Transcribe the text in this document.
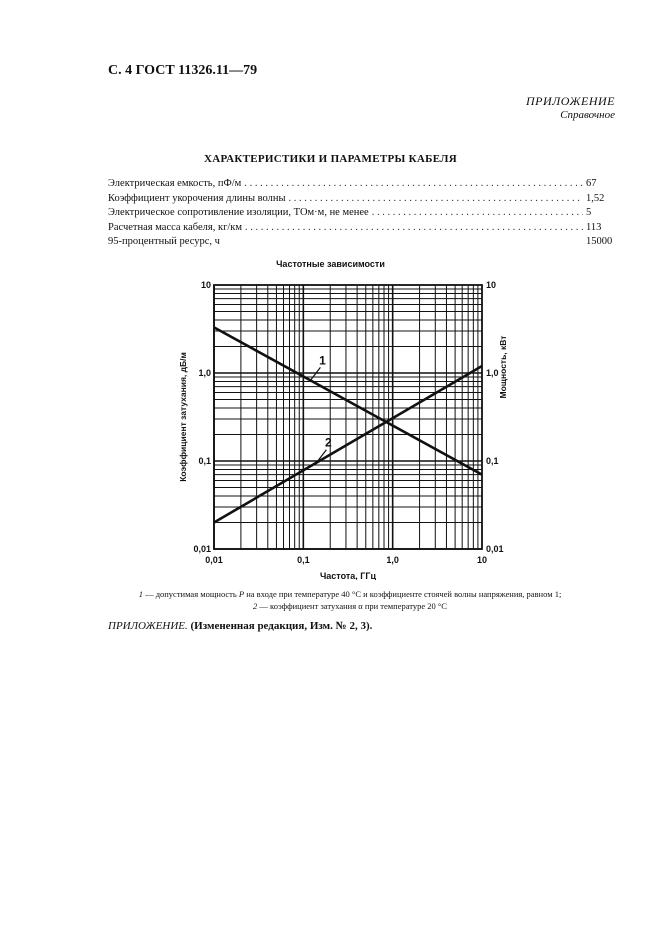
С. 4 ГОСТ 11326.11—79
ПРИЛОЖЕНИЕ
Справочное
ХАРАКТЕРИСТИКИ И ПАРАМЕТРЫ КАБЕЛЯ
Электрическая емкость, пФ/м . . .	67
Коэффициент укорочения длины волны . . .	1,52
Электрическое сопротивление изоляции, ТОм·м, не менее . . .	5
Расчетная масса кабеля, кг/км . . .	113
95-процентный ресурс, ч	15000
Частотные зависимости
0,01	0,1	1,0	10
0,01
0,1
1,0
10
0,01
0,1
1,0
10
Частота, ГГц
Коэффициент затухания, дБ/м	Мощность, кВт
1
2
1 — допустимая мощность P на входе при температуре 40 °С и коэффициенте стоячей волны напряжения, равном 1;
2 — коэффициент затухания α при температуре 20 °С
ПРИЛОЖЕНИЕ. (Измененная редакция, Изм. № 2, 3).
